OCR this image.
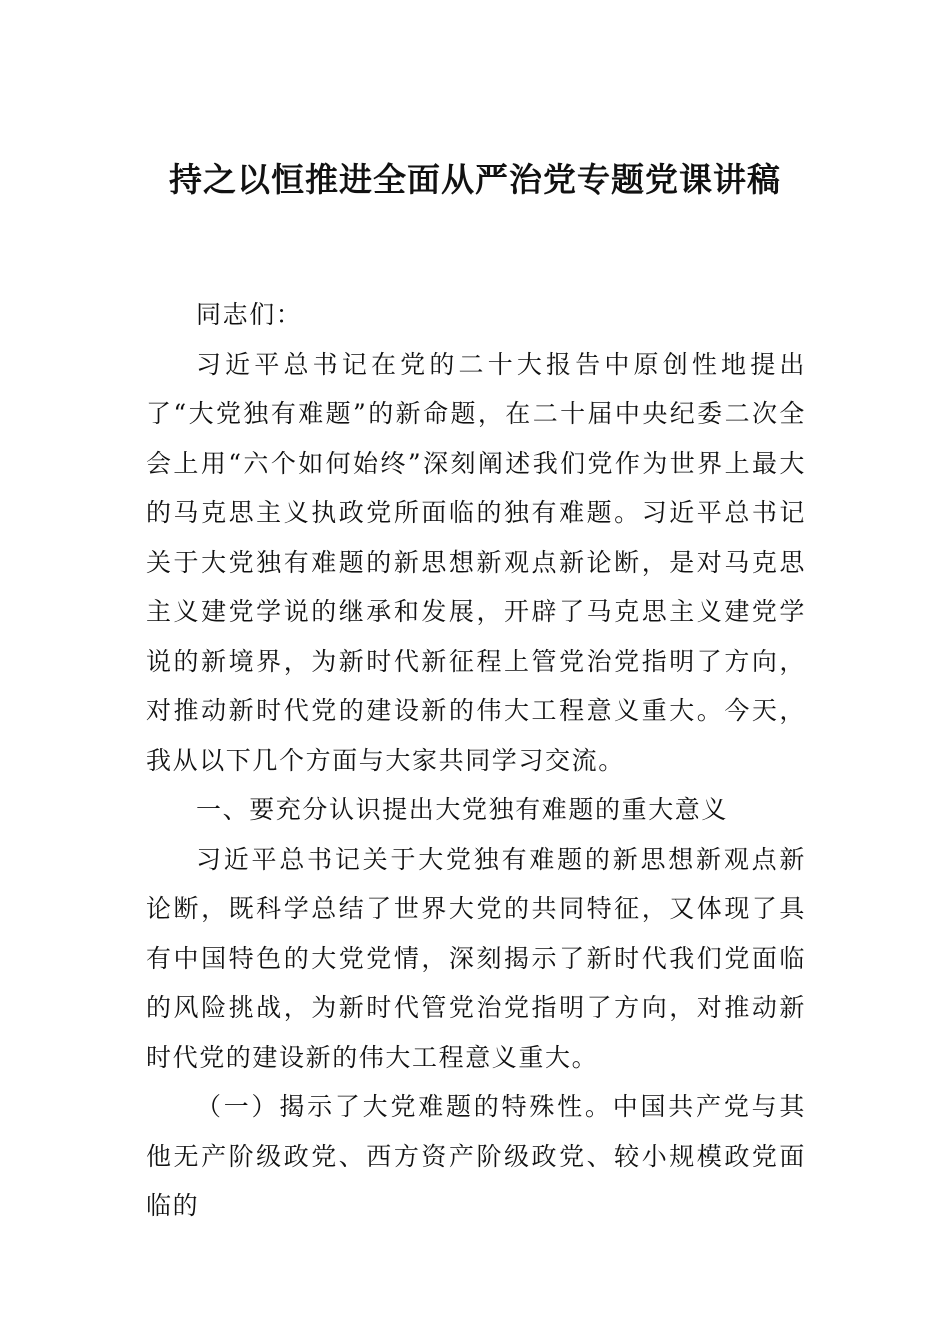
持之以恒推进全面从严治党专题党课讲稿

同志们：

习近平总书记在党的二十大报告中原创性地提出了“大党独有难题”的新命题，在二十届中央纪委二次全会上用“六个如何始终”深刻阐述我们党作为世界上最大的马克思主义执政党所面临的独有难题。习近平总书记关于大党独有难题的新思想新观点新论断，是对马克思主义建党学说的继承和发展，开辟了马克思主义建党学说的新境界，为新时代新征程上管党治党指明了方向，对推动新时代党的建设新的伟大工程意义重大。今天，我从以下几个方面与大家共同学习交流。

一、要充分认识提出大党独有难题的重大意义

习近平总书记关于大党独有难题的新思想新观点新论断，既科学总结了世界大党的共同特征，又体现了具有中国特色的大党党情，深刻揭示了新时代我们党面临的风险挑战，为新时代管党治党指明了方向，对推动新时代党的建设新的伟大工程意义重大。

（一）揭示了大党难题的特殊性。中国共产党与其他无产阶级政党、西方资产阶级政党、较小规模政党面临的
